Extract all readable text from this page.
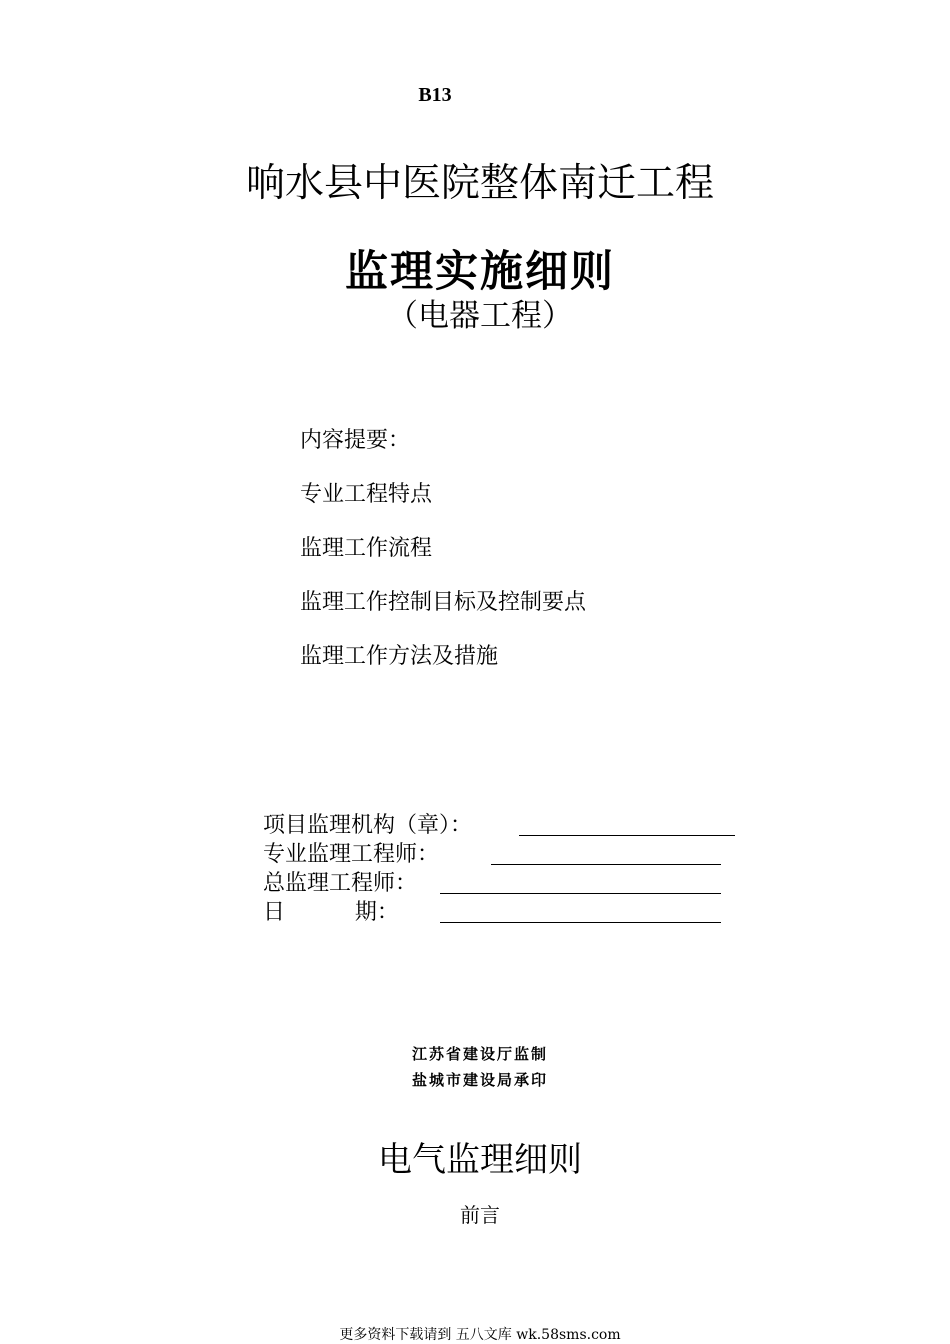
B13
响水县中医院整体南迁工程
监理实施细则
（电器工程）
内容提要：
专业工程特点
监理工作流程
监理工作控制目标及控制要点
监理工作方法及措施
项目监理机构（章）：
专业监理工程师：
总监理工程师：
日          期：
江苏省建设厅监制
盐城市建设局承印
电气监理细则
前言
更多资料下载请到 五八文库 wk.58sms.com
